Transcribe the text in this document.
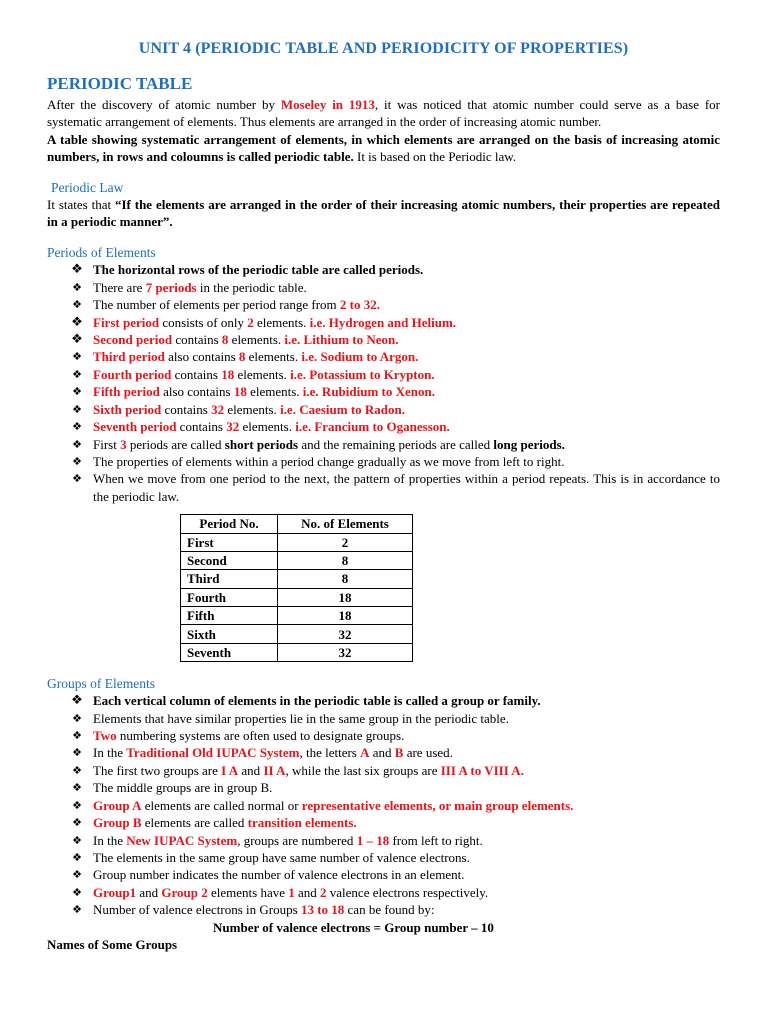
UNIT 4 (PERIODIC TABLE AND PERIODICITY OF PROPERTIES)
PERIODIC TABLE

After the discovery of atomic number by Moseley in 1913, it was noticed that atomic number could serve as a base for systematic arrangement of elements. Thus elements are arranged in the order of increasing atomic number.

A table showing systematic arrangement of elements, in which elements are arranged on the basis of increasing atomic numbers, in rows and coloumns is called periodic table. It is based on the Periodic law.

Periodic Law

It states that “If the elements are arranged in the order of their increasing atomic numbers, their properties are repeated in a periodic manner”.

Periods of Elements
❖ The horizontal rows of the periodic table are called periods.
❖ There are 7 periods in the periodic table.
❖ The number of elements per period range from 2 to 32.
❖ First period consists of only 2 elements. i.e. Hydrogen and Helium.
❖ Second period contains 8 elements. i.e. Lithium to Neon.
❖ Third period also contains 8 elements. i.e. Sodium to Argon.
❖ Fourth period contains 18 elements. i.e. Potassium to Krypton.
❖ Fifth period also contains 18 elements. i.e. Rubidium to Xenon.
❖ Sixth period contains 32 elements. i.e. Caesium to Radon.
❖ Seventh period contains 32 elements. i.e. Francium to Oganesson.
❖ First 3 periods are called short periods and the remaining periods are called long periods.
❖ The properties of elements within a period change gradually as we move from left to right.
❖ When we move from one period to the next, the pattern of properties within a period repeats. This is in accordance to the periodic law.
Period No.	No. of Elements
First	2
Second	8
Third	8
Fourth	18
Fifth	18
Sixth	32
Seventh	32
Groups of Elements
❖ Each vertical column of elements in the periodic table is called a group or family.
❖ Elements that have similar properties lie in the same group in the periodic table.
❖ Two numbering systems are often used to designate groups.
❖ In the Traditional Old IUPAC System, the letters A and B are used.
❖ The first two groups are I A and II A, while the last six groups are III A to VIII A.
❖ The middle groups are in group B.
❖ Group A elements are called normal or representative elements, or main group elements.
❖ Group B elements are called transition elements.
❖ In the New IUPAC System, groups are numbered 1 – 18 from left to right.
❖ The elements in the same group have same number of valence electrons.
❖ Group number indicates the number of valence electrons in an element.
❖ Group1 and Group 2 elements have 1 and 2 valence electrons respectively.
❖ Number of valence electrons in Groups 13 to 18 can be found by:
Number of valence electrons = Group number – 10
Names of Some Groups
